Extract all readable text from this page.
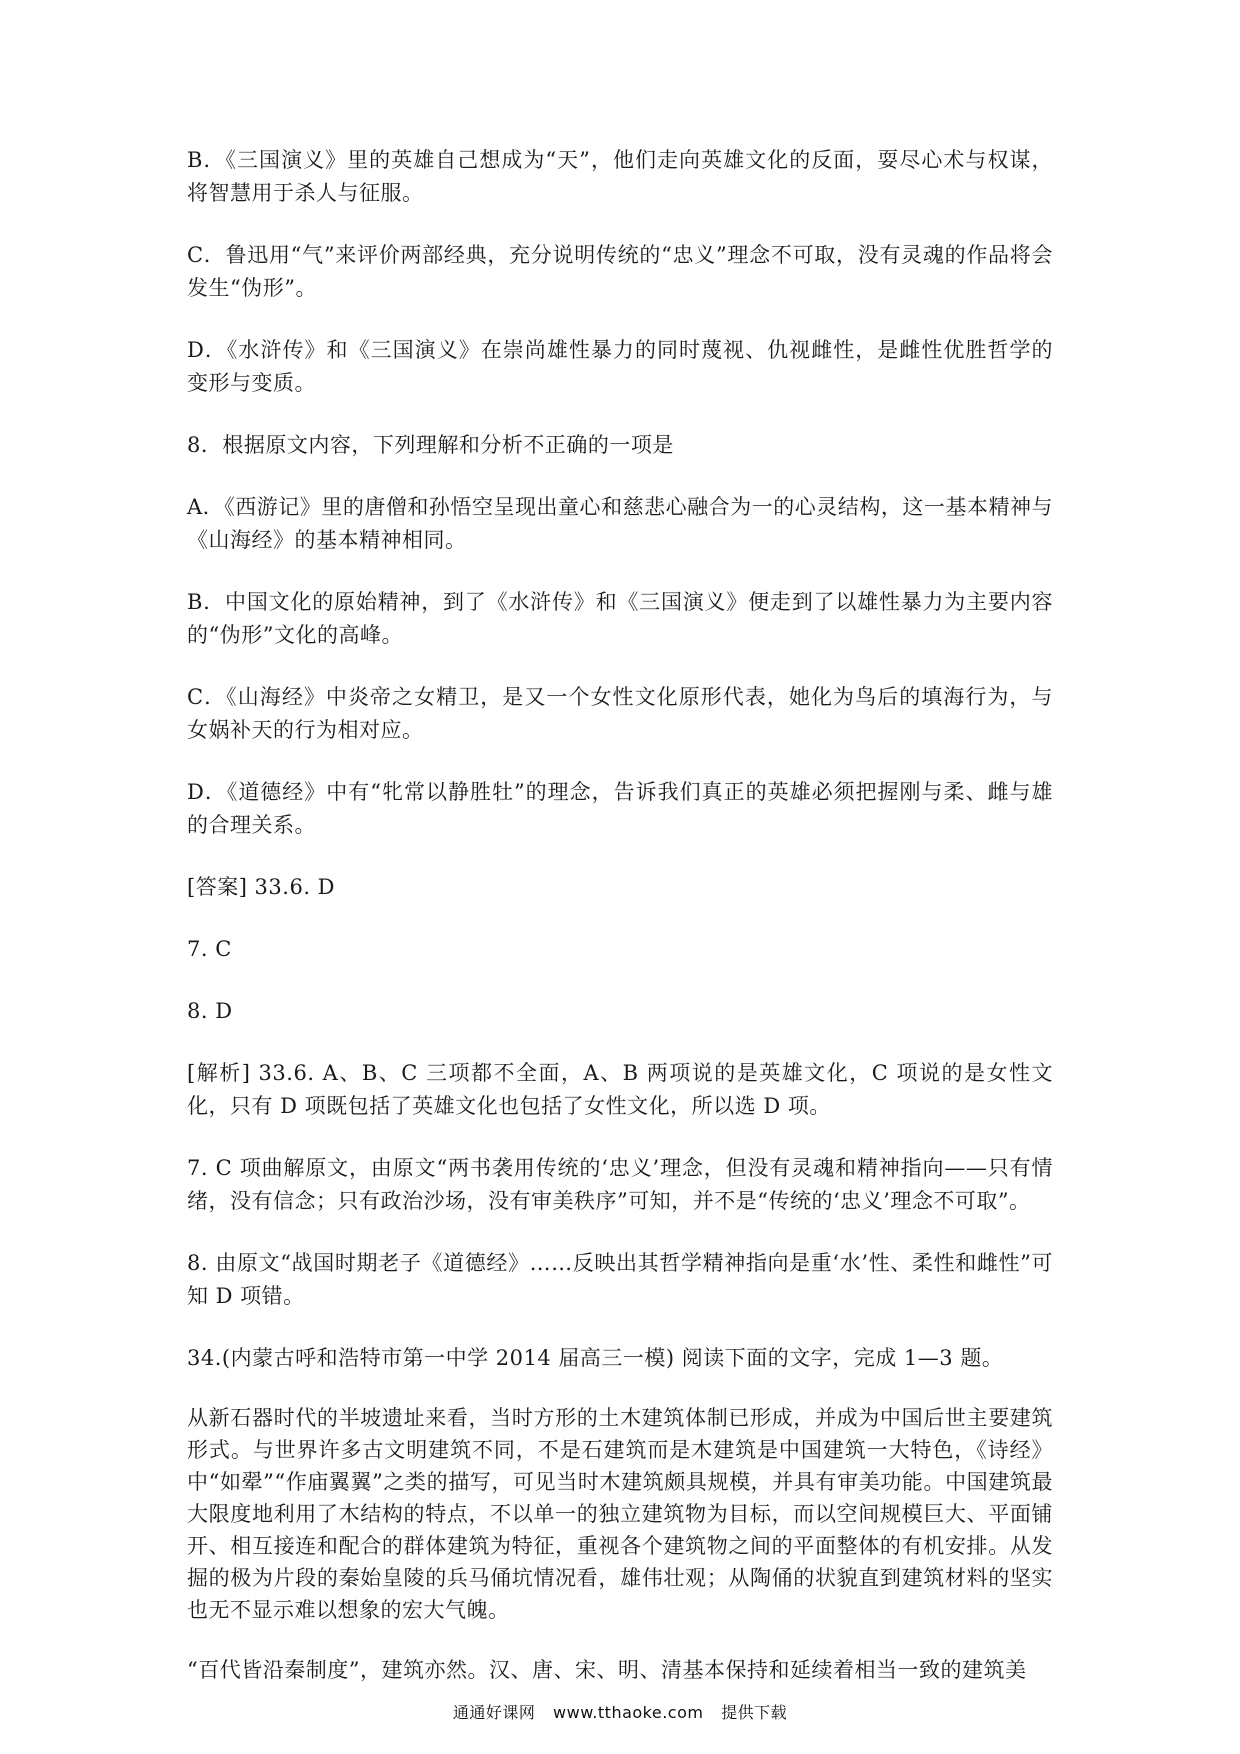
B．《三国演义》里的英雄自己想成为“天”，他们走向英雄文化的反面，耍尽心术与权谋，将智慧用于杀人与征服。

C．鲁迅用“气”来评价两部经典，充分说明传统的“忠义”理念不可取，没有灵魂的作品将会发生“伪形”。

D．《水浒传》和《三国演义》在崇尚雄性暴力的同时蔑视、仇视雌性，是雌性优胜哲学的变形与变质。

8．根据原文内容，下列理解和分析不正确的一项是

A．《西游记》里的唐僧和孙悟空呈现出童心和慈悲心融合为一的心灵结构，这一基本精神与《山海经》的基本精神相同。

B．中国文化的原始精神，到了《水浒传》和《三国演义》便走到了以雄性暴力为主要内容的“伪形”文化的高峰。

C．《山海经》中炎帝之女精卫，是又一个女性文化原形代表，她化为鸟后的填海行为，与女娲补天的行为相对应。

D．《道德经》中有“牝常以静胜牡”的理念，告诉我们真正的英雄必须把握刚与柔、雌与雄的合理关系。

[答案] 33.6. D

7. C

8. D

[解析] 33.6. A、B、C 三项都不全面，A、B 两项说的是英雄文化，C 项说的是女性文化，只有 D 项既包括了英雄文化也包括了女性文化，所以选 D 项。

7. C 项曲解原文，由原文“两书袭用传统的‘忠义’理念，但没有灵魂和精神指向——只有情绪，没有信念；只有政治沙场，没有审美秩序”可知，并不是“传统的‘忠义’理念不可取”。

8. 由原文“战国时期老子《道德经》……反映出其哲学精神指向是重‘水’性、柔性和雌性”可知 D 项错。

34.(内蒙古呼和浩特市第一中学 2014 届高三一模) 阅读下面的文字，完成 1—3 题。

从新石器时代的半坡遗址来看，当时方形的土木建筑体制已形成，并成为中国后世主要建筑形式。与世界许多古文明建筑不同，不是石建筑而是木建筑是中国建筑一大特色，《诗经》中“如翚”“作庙翼翼”之类的描写，可见当时木建筑颇具规模，并具有审美功能。中国建筑最大限度地利用了木结构的特点，不以单一的独立建筑物为目标，而以空间规模巨大、平面铺开、相互接连和配合的群体建筑为特征，重视各个建筑物之间的平面整体的有机安排。从发掘的极为片段的秦始皇陵的兵马俑坑情况看，雄伟壮观；从陶俑的状貌直到建筑材料的坚实也无不显示难以想象的宏大气魄。

“百代皆沿秦制度”，建筑亦然。汉、唐、宋、明、清基本保持和延续着相当一致的建筑美

通通好课网 www.tthaoke.com 提供下载
